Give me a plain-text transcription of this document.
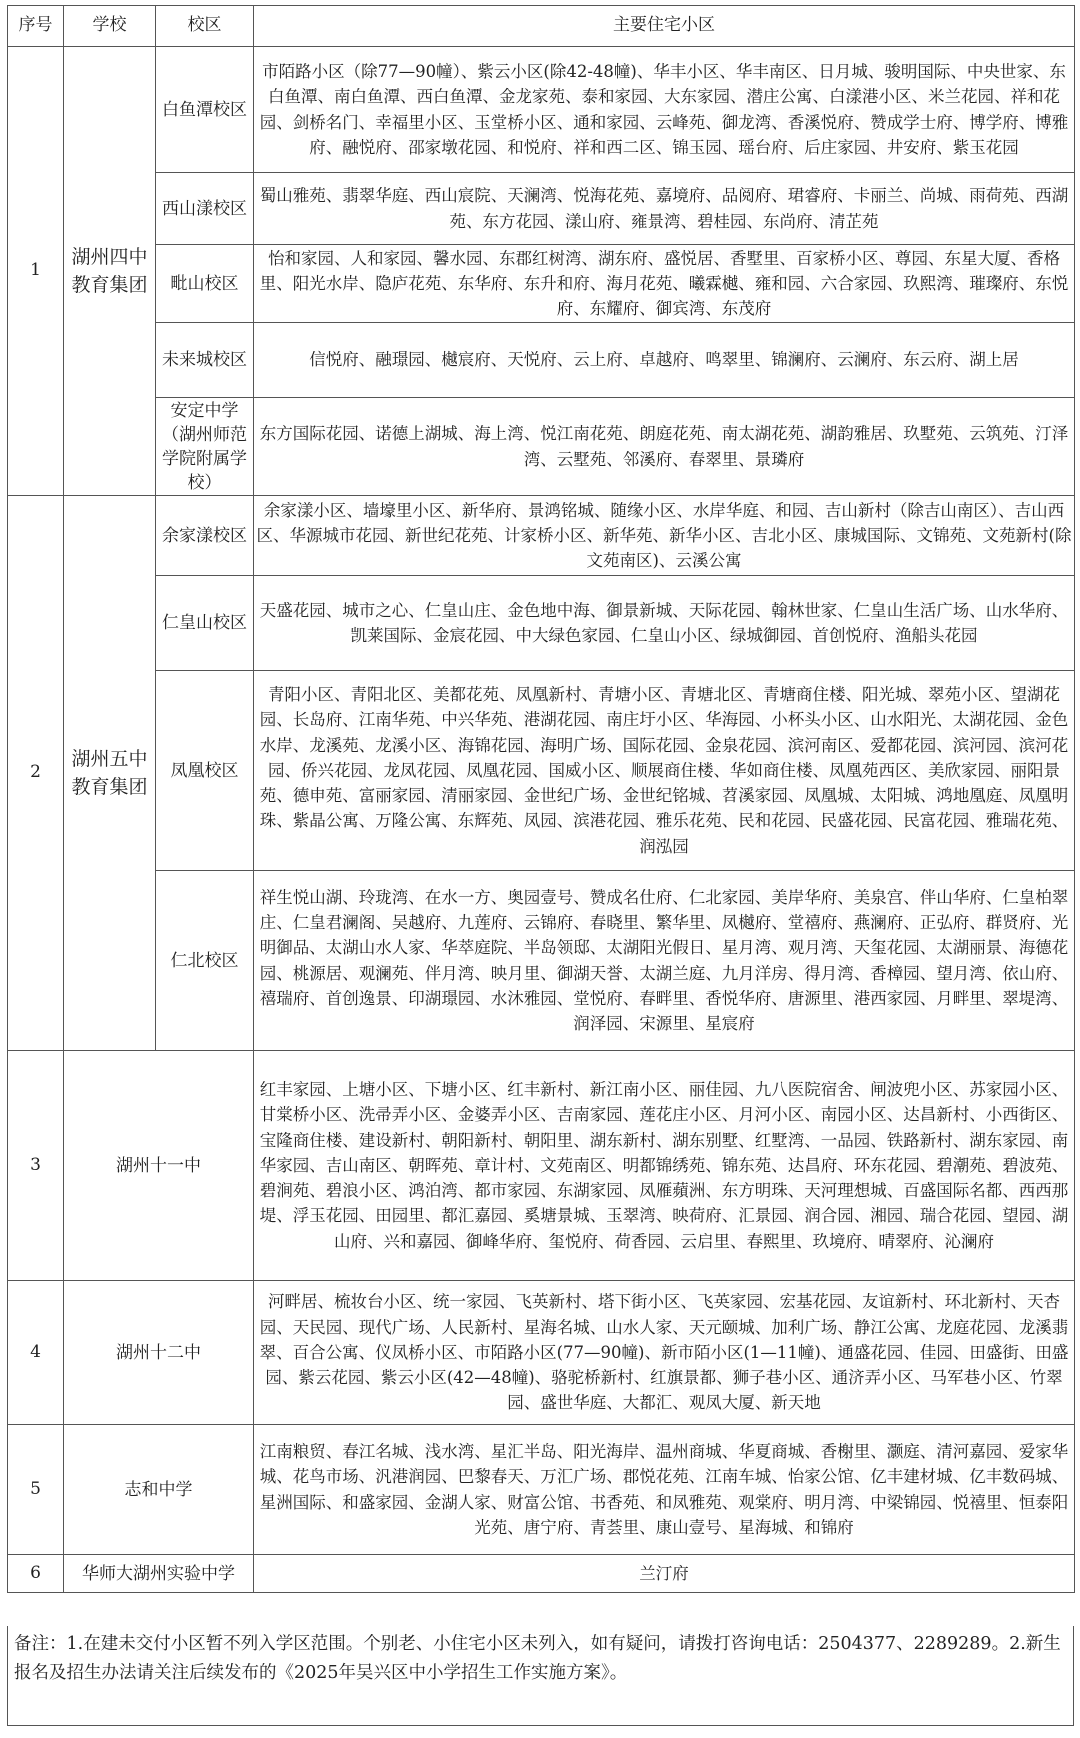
序号	学校	校区	主要住宅小区
1	湖州四中教育集团	白鱼潭校区	市陌路小区（除77—90幢）、紫云小区(除42-48幢)、华丰小区、华丰南区、日月城、骏明国际、中央世家、东白鱼潭、南白鱼潭、西白鱼潭、金龙家苑、泰和家园、大东家园、潜庄公寓、白漾港小区、米兰花园、祥和花园、剑桥名门、幸福里小区、玉堂桥小区、通和家园、云峰苑、御龙湾、香溪悦府、赞成学士府、博学府、博雅府、融悦府、邵家墩花园、和悦府、祥和西二区、锦玉园、瑶台府、后庄家园、井安府、紫玉花园
		西山漾校区	蜀山雅苑、翡翠华庭、西山宸院、天澜湾、悦海花苑、嘉境府、品阅府、珺睿府、卡丽兰、尚城、雨荷苑、西湖苑、东方花园、漾山府、雍景湾、碧桂园、东尚府、清芷苑
		毗山校区	怡和家园、人和家园、馨水园、东郡红树湾、湖东府、盛悦居、香墅里、百家桥小区、尊园、东星大厦、香格里、阳光水岸、隐庐花苑、东华府、东升和府、海月花苑、曦霖樾、雍和园、六合家园、玖熙湾、璀璨府、东悦府、东耀府、御宾湾、东茂府
		未来城校区	信悦府、融璟园、樾宸府、天悦府、云上府、卓越府、鸣翠里、锦澜府、云澜府、东云府、湖上居
		安定中学（湖州师范学院附属学校）	东方国际花园、诺德上湖城、海上湾、悦江南花苑、朗庭花苑、南太湖花苑、湖韵雅居、玖墅苑、云筑苑、汀泽湾、云墅苑、邻溪府、春翠里、景璘府
2	湖州五中教育集团	余家漾校区	余家漾小区、墙壕里小区、新华府、景鸿铭城、随缘小区、水岸华庭、和园、吉山新村（除吉山南区）、吉山西区、华源城市花园、新世纪花苑、计家桥小区、新华苑、新华小区、吉北小区、康城国际、文锦苑、文苑新村(除文苑南区)、云溪公寓
		仁皇山校区	天盛花园、城市之心、仁皇山庄、金色地中海、御景新城、天际花园、翰林世家、仁皇山生活广场、山水华府、凯莱国际、金宸花园、中大绿色家园、仁皇山小区、绿城御园、首创悦府、渔船头花园
		凤凰校区	青阳小区、青阳北区、美都花苑、凤凰新村、青塘小区、青塘北区、青塘商住楼、阳光城、翠苑小区、望湖花园、长岛府、江南华苑、中兴华苑、港湖花园、南庄圩小区、华海园、小杯头小区、山水阳光、太湖花园、金色水岸、龙溪苑、龙溪小区、海锦花园、海明广场、国际花园、金泉花园、滨河南区、爱都花园、滨河园、滨河花园、侨兴花园、龙凤花园、凤凰花园、国威小区、顺展商住楼、华如商住楼、凤凰苑西区、美欣家园、丽阳景苑、德申苑、富丽家园、清丽家园、金世纪广场、金世纪铭城、苕溪家园、凤凰城、太阳城、鸿地凰庭、凤凰明珠、紫晶公寓、万隆公寓、东辉苑、凤园、滨港花园、雅乐花苑、民和花园、民盛花园、民富花园、雅瑞花苑、润泓园
		仁北校区	祥生悦山湖、玲珑湾、在水一方、奥园壹号、赞成名仕府、仁北家园、美岸华府、美泉宫、伴山华府、仁皇柏翠庄、仁皇君澜阁、吴越府、九莲府、云锦府、春晓里、繁华里、凤樾府、堂禧府、燕澜府、正弘府、群贤府、光明御品、太湖山水人家、华萃庭院、半岛领邸、太湖阳光假日、星月湾、观月湾、天玺花园、太湖丽景、海德花园、桃源居、观澜苑、伴月湾、映月里、御湖天誉、太湖兰庭、九月洋房、得月湾、香樟园、望月湾、依山府、禧瑞府、首创逸景、印湖璟园、水沐雅园、堂悦府、春畔里、香悦华府、唐源里、港西家园、月畔里、翠堤湾、润泽园、宋源里、星宸府
3	湖州十一中		红丰家园、上塘小区、下塘小区、红丰新村、新江南小区、丽佳园、九八医院宿舍、闸波兜小区、苏家园小区、甘棠桥小区、洗帚弄小区、金婆弄小区、吉南家园、莲花庄小区、月河小区、南园小区、达昌新村、小西街区、宝隆商住楼、建设新村、朝阳新村、朝阳里、湖东新村、湖东别墅、红墅湾、一品园、铁路新村、湖东家园、南华家园、吉山南区、朝晖苑、章计村、文苑南区、明都锦绣苑、锦东苑、达昌府、环东花园、碧潮苑、碧波苑、碧涧苑、碧浪小区、鸿泊湾、都市家园、东湖家园、凤雁蘋洲、东方明珠、天河理想城、百盛国际名都、西西那堤、浮玉花园、田园里、都汇嘉园、奚塘景城、玉翠湾、映荷府、汇景园、润合园、湘园、瑞合花园、望园、湖山府、兴和嘉园、御峰华府、玺悦府、荷香园、云启里、春熙里、玖境府、晴翠府、沁澜府
4	湖州十二中		河畔居、梳妆台小区、统一家园、飞英新村、塔下街小区、飞英家园、宏基花园、友谊新村、环北新村、天杏园、天民园、现代广场、人民新村、星海名城、山水人家、天元颐城、加利广场、静江公寓、龙庭花园、龙溪翡翠、百合公寓、仪凤桥小区、市陌路小区(77—90幢)、新市陌小区(1—11幢)、通盛花园、佳园、田盛街、田盛园、紫云花园、紫云小区(42—48幢)、骆驼桥新村、红旗景都、狮子巷小区、通济弄小区、马军巷小区、竹翠园、盛世华庭、大都汇、观凤大厦、新天地
5	志和中学		江南粮贸、春江名城、浅水湾、星汇半岛、阳光海岸、温州商城、华夏商城、香榭里、灏庭、清河嘉园、爱家华城、花鸟市场、汎港润园、巴黎春天、万汇广场、郡悦花苑、江南车城、怡家公馆、亿丰建材城、亿丰数码城、星洲国际、和盛家园、金湖人家、财富公馆、书香苑、和凤雅苑、观棠府、明月湾、中梁锦园、悦禧里、恒泰阳光苑、唐宁府、青荟里、康山壹号、星海城、和锦府
6	华师大湖州实验中学		兰汀府
备注：1.在建未交付小区暂不列入学区范围。个别老、小住宅小区未列入，如有疑问，请拨打咨询电话：2504377、2289289。2.新生报名及招生办法请关注后续发布的《2025年吴兴区中小学招生工作实施方案》。
